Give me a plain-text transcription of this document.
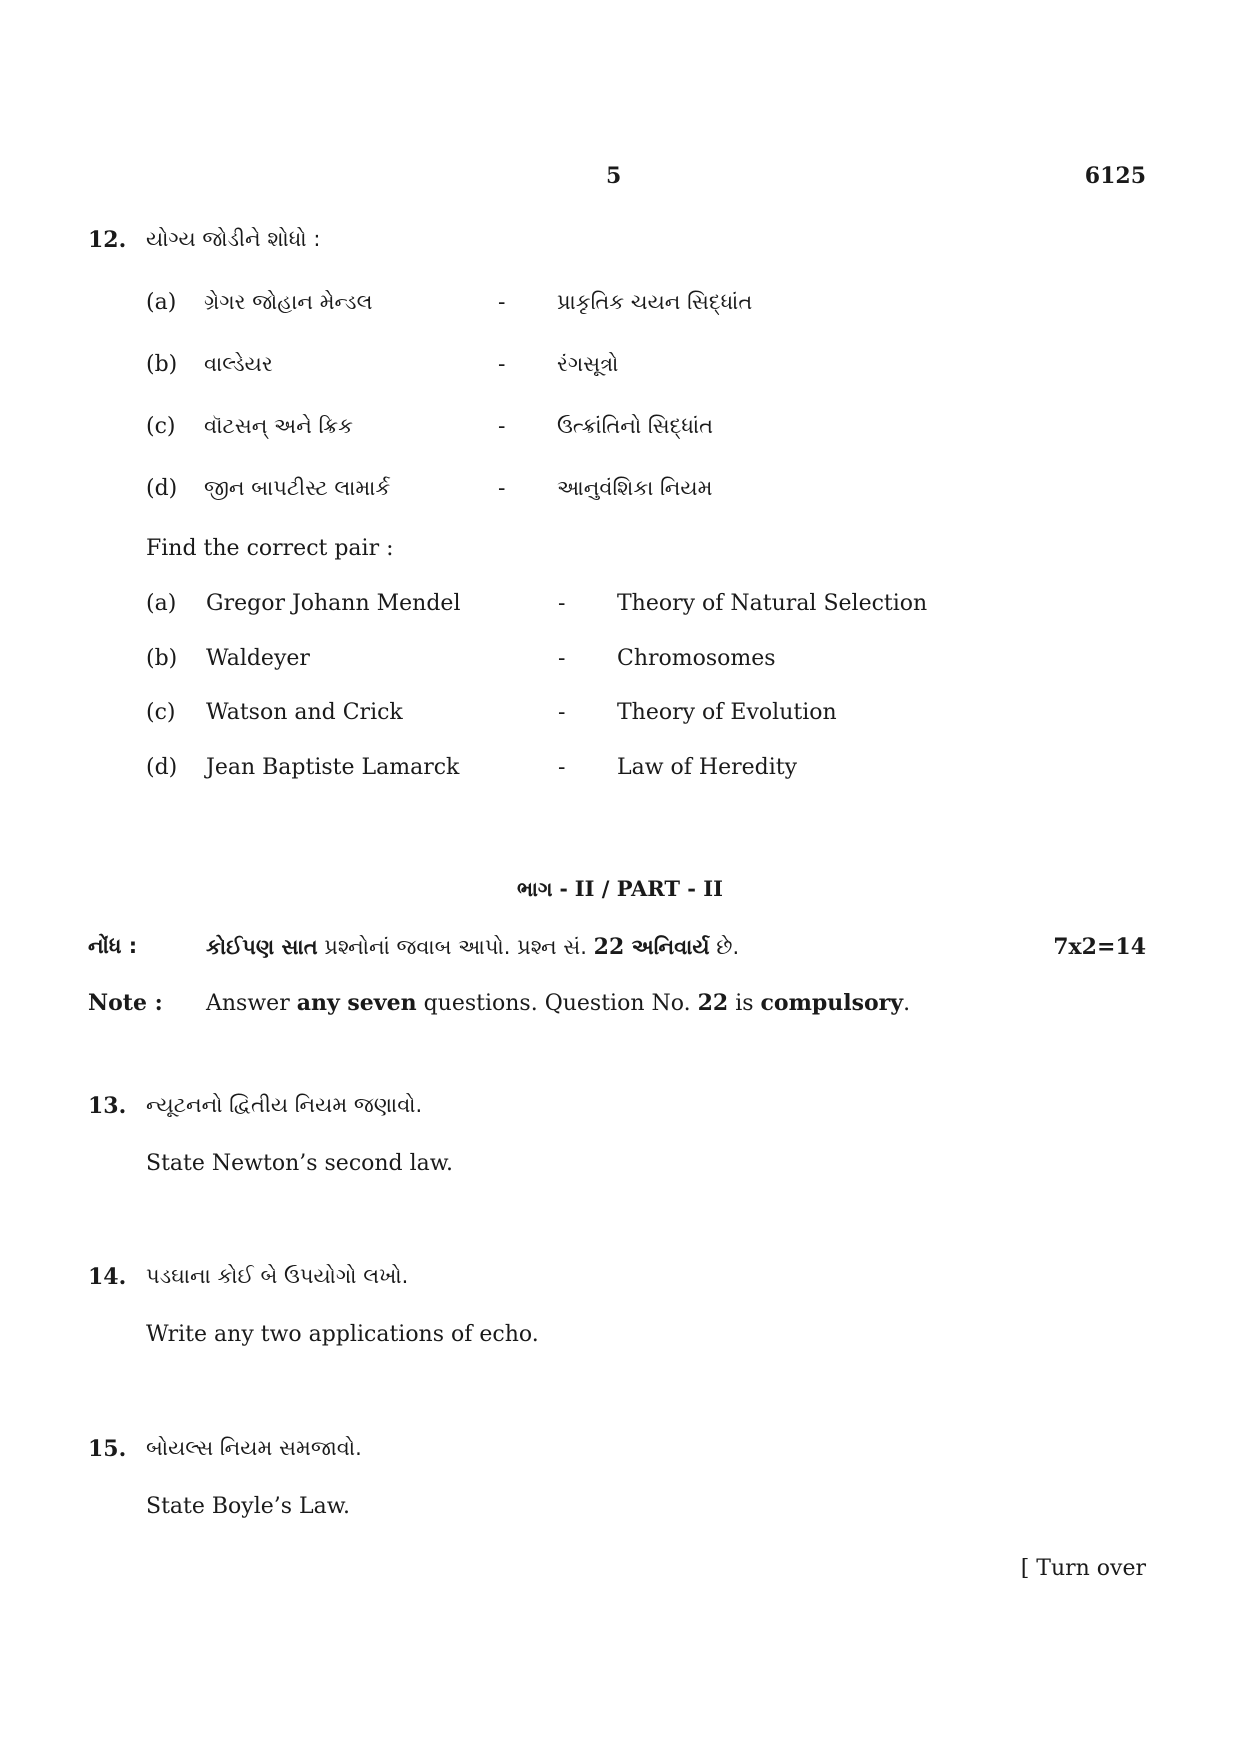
5	6125
12. યોગ્ય જોડીને શોધો :
(a) ગ્રેગર જોહાન મેન્ડલ	- પ્રાકૃતિક ચયન સિદ્ધાંત
(b) વાલ્ડેયર	- રંગસૂત્રો
(c) વૉટસન્ અને ક્રિક	- ઉત્ક્રાંતિનો સિદ્ધાંત
(d) જીન બાપટીસ્ટ લામાર્ક	- આનુવંશિકા નિયમ
Find the correct pair :
(a) Gregor Johann Mendel	- Theory of Natural Selection
(b) Waldeyer	- Chromosomes
(c) Watson and Crick	- Theory of Evolution
(d) Jean Baptiste Lamarck	- Law of Heredity
ભાગ - II / PART - II
નોંધ :	કોઈપણ સાત પ્રશ્નોનાં જવાબ આપો. પ્રશ્ન સં. 22 અનિવાર્ય છે.	7x2=14
Note : Answer any seven questions. Question No. 22 is compulsory.
13. ન્યૂટનનો દ્વિતીય નિયમ જણાવો.
State Newton’s second law.
14. પડઘાના કોઈ બે ઉપયોગો લખો.
Write any two applications of echo.
15. બોયલ્સ નિયમ સમજાવો.
State Boyle’s Law.
[ Turn over
